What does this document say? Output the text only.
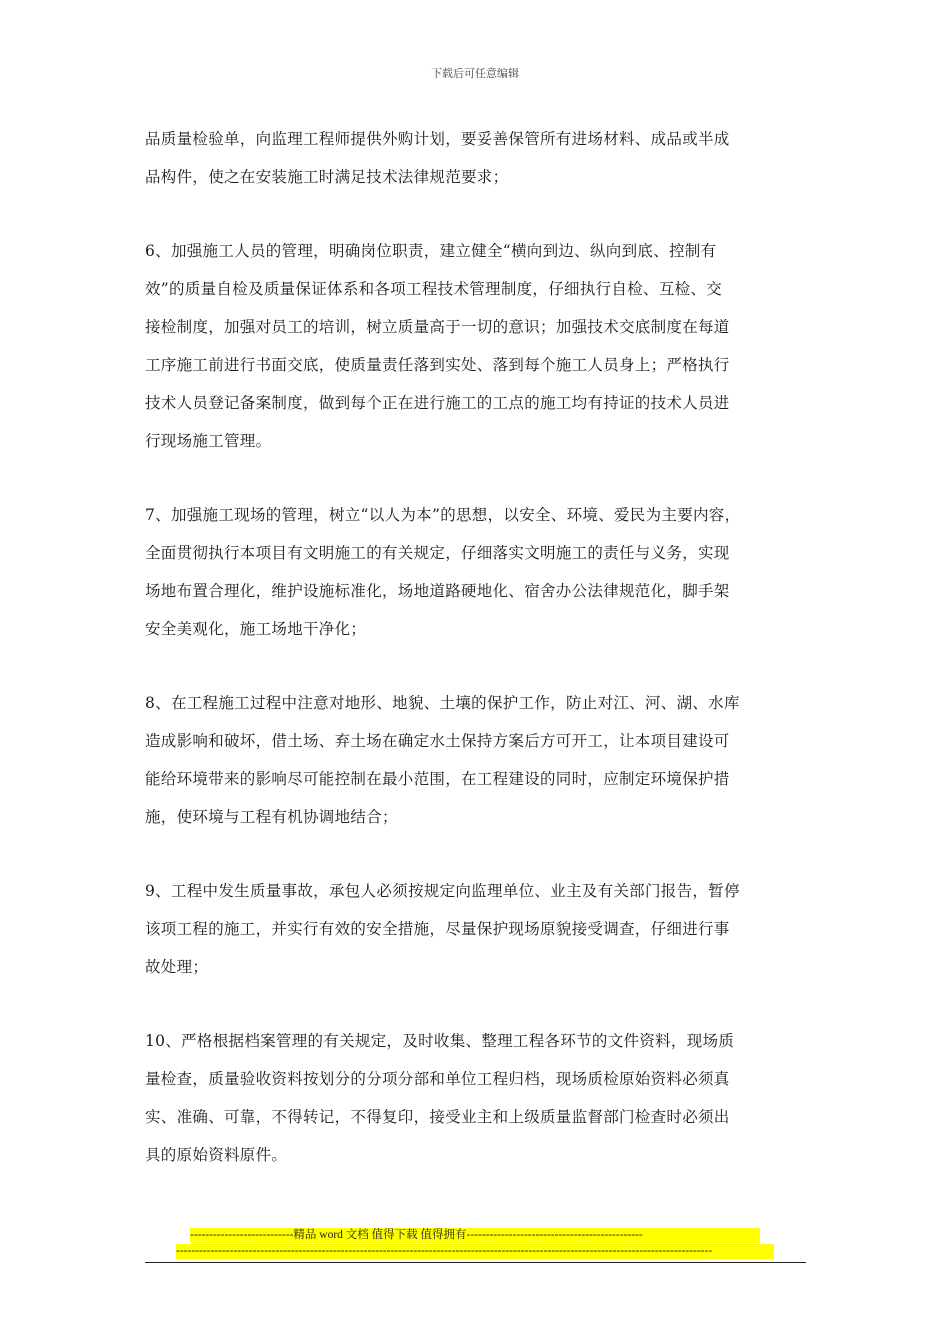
下载后可任意编辑
品质量检验单，向监理工程师提供外购计划，要妥善保管所有进场材料、成品或半成
品构件，使之在安装施工时满足技术法律规范要求；
6、加强施工人员的管理，明确岗位职责，建立健全“横向到边、纵向到底、控制有
效”的质量自检及质量保证体系和各项工程技术管理制度，仔细执行自检、互检、交
接检制度，加强对员工的培训，树立质量高于一切的意识；加强技术交底制度在每道
工序施工前进行书面交底，使质量责任落到实处、落到每个施工人员身上；严格执行
技术人员登记备案制度，做到每个正在进行施工的工点的施工均有持证的技术人员进
行现场施工管理。
7、加强施工现场的管理，树立“以人为本”的思想，以安全、环境、爱民为主要内容，
全面贯彻执行本项目有文明施工的有关规定，仔细落实文明施工的责任与义务，实现
场地布置合理化，维护设施标准化，场地道路硬地化、宿舍办公法律规范化，脚手架
安全美观化，施工场地干净化；
8、在工程施工过程中注意对地形、地貌、土壤的保护工作，防止对江、河、湖、水库
造成影响和破坏，借土场、弃土场在确定水土保持方案后方可开工，让本项目建设可
能给环境带来的影响尽可能控制在最小范围，在工程建设的同时，应制定环境保护措
施，使环境与工程有机协调地结合；
9、工程中发生质量事故，承包人必须按规定向监理单位、业主及有关部门报告，暂停
该项工程的施工，并实行有效的安全措施，尽量保护现场原貌接受调查，仔细进行事
故处理；
10、严格根据档案管理的有关规定，及时收集、整理工程各环节的文件资料，现场质
量检查，质量验收资料按划分的分项分部和单位工程归档，现场质检原始资料必须真
实、准确、可靠，不得转记，不得复印，接受业主和上级质量监督部门检查时必须出
具的原始资料原件。
---------------------------精品 word 文档 值得下载 值得拥有----------------------------------------------
--------------------------------------------------------------------------------------------------------------------------------------------
